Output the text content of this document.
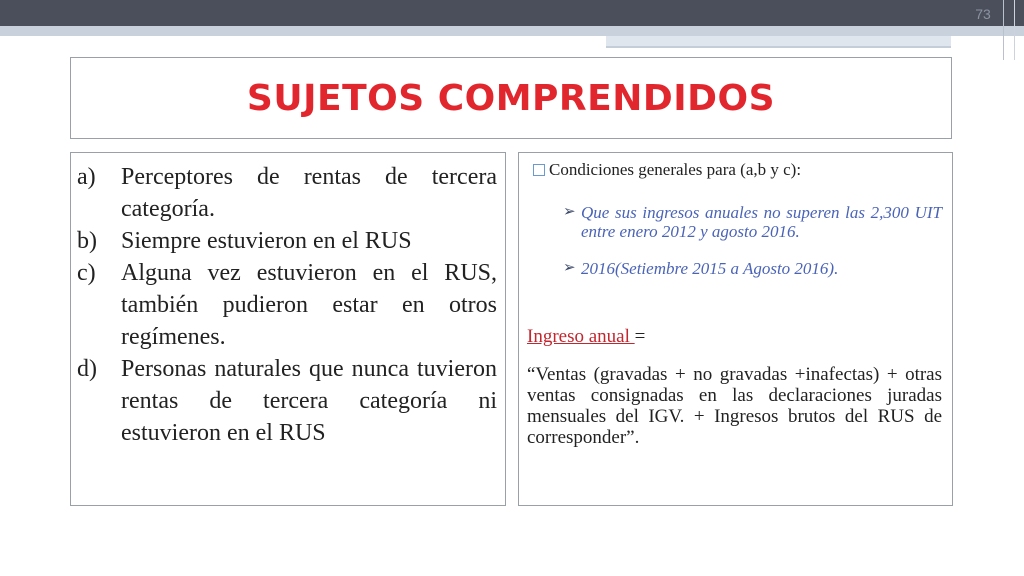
73
SUJETOS COMPRENDIDOS
a)	Perceptores de rentas de tercera categoría.
b)	Siempre estuvieron en el RUS
c)	Alguna vez estuvieron en el RUS, también pudieron estar en otros regímenes.
d)	Personas naturales que nunca tuvieron rentas de tercera categoría ni estuvieron en el RUS
Condiciones generales para (a,b y c):
➢ Que sus ingresos anuales no superen las 2,300 UIT entre enero 2012 y agosto 2016.
➢ 2016(Setiembre 2015 a Agosto 2016).
Ingreso anual =
“Ventas (gravadas + no gravadas +inafectas) + otras ventas consignadas en las declaraciones juradas mensuales del IGV. + Ingresos brutos del RUS de corresponder”.
